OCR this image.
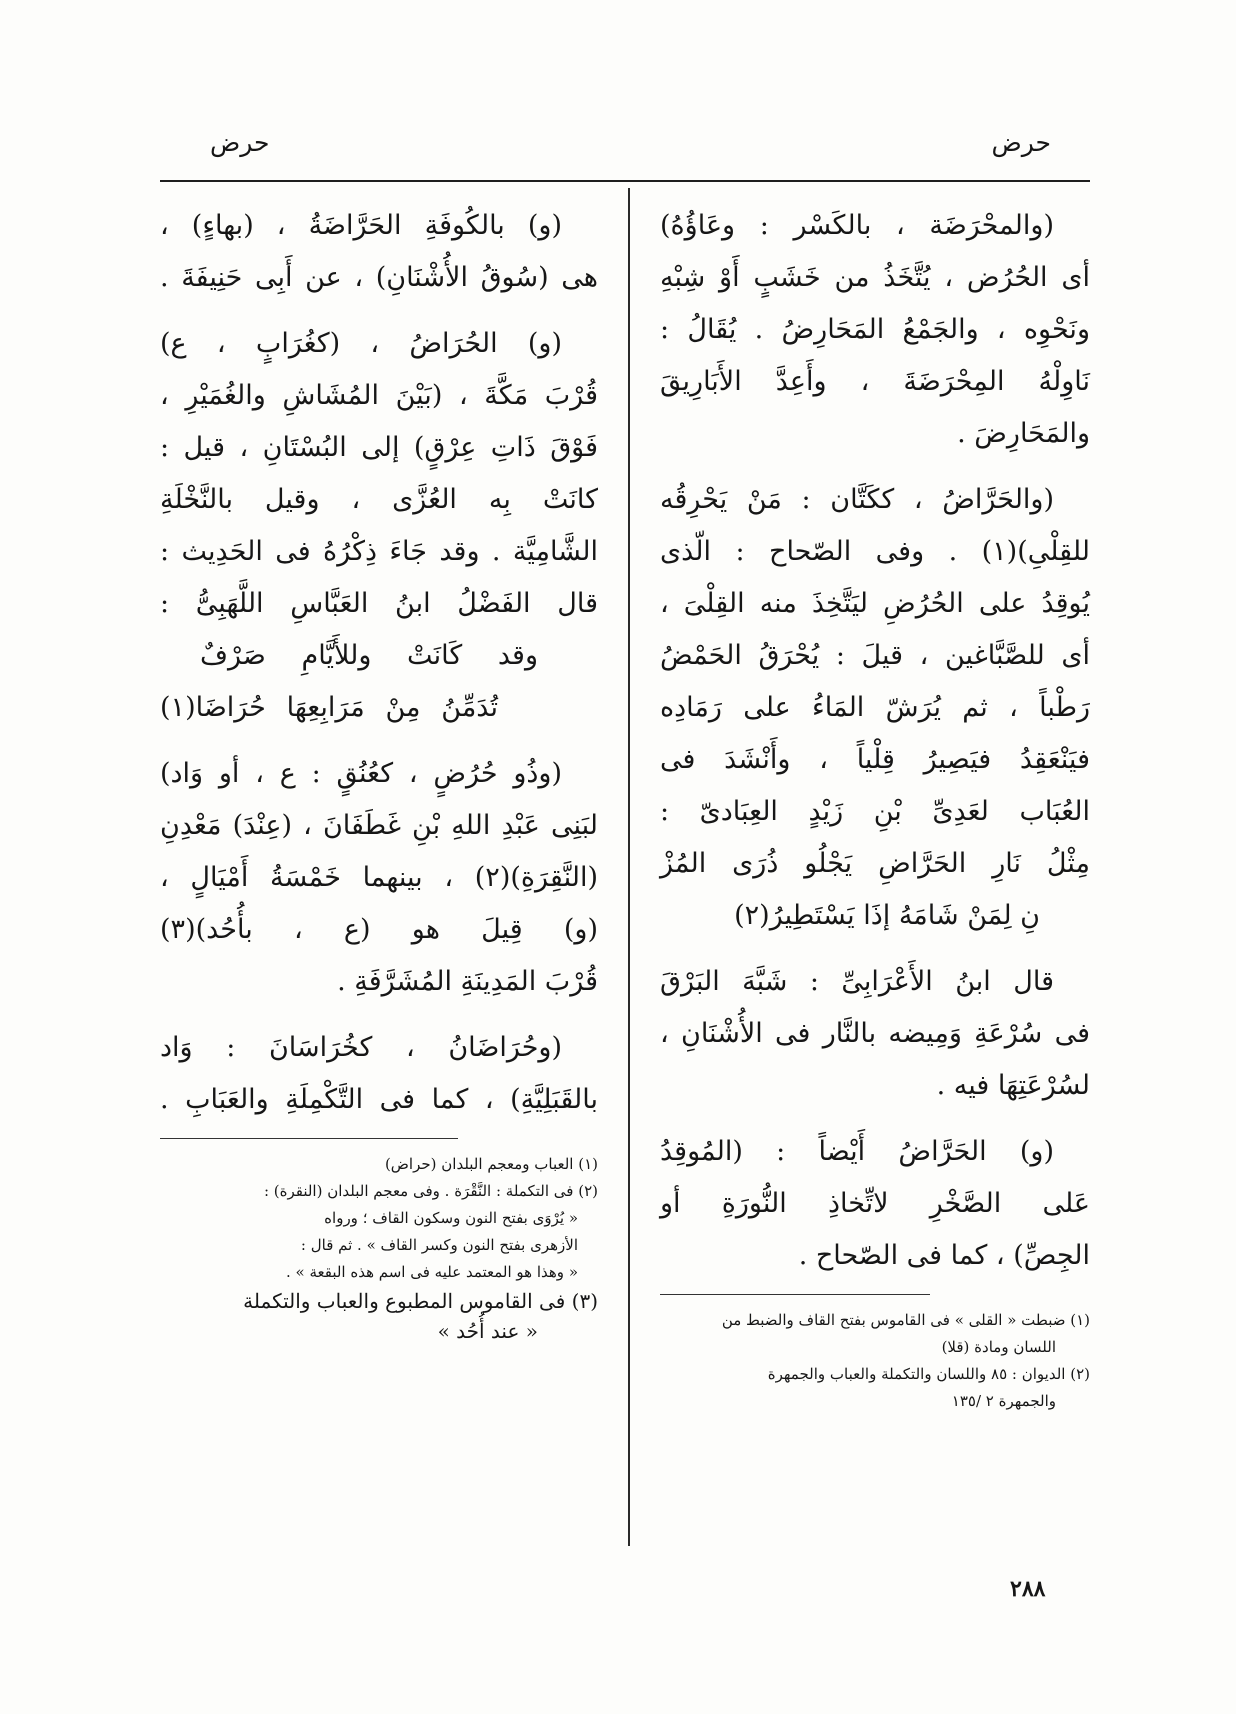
حرض
حرض
(والمحْرَضَة ، بالكَسْر : وعَاؤُهُ)
أى الحُرُض ، يُتَّخَذُ من خَشَبٍ أَوْ شِبْهِ
ونَحْوِه ، والجَمْعُ المَحَارِضُ . يُقَالُ :
نَاوِلْهُ المِحْرَضَةَ ، وأَعِدَّ الأَبَارِيقَ
والمَحَارِضَ .
(والحَرَّاضُ ، ككَتَّان : مَنْ يَحْرِقُه
للقِلْىِ)(١) . وفى الصّحاح : الّذى
يُوقِدُ على الحُرُضِ ليَتَّخِذَ منه القِلْىَ ،
أى للصَّبَّاغين ، قيلَ : يُحْرَقُ الحَمْضُ
رَطْباً ، ثم يُرَشّ المَاءُ على رَمَادِه
فيَنْعَقِدُ فيَصِيرُ قِلْياً ، وأَنْشَدَ فى
العُبَاب لعَدِىِّ بْنِ زَيْدٍ العِبَادىّ :
مِثْلُ نَارِ الحَرَّاضِ يَجْلُو ذُرَى المُزْ
نِ لِمَنْ شَامَهُ إذَا يَسْتَطِيرُ(٢)
قال ابنُ الأَعْرَابِىِّ : شَبَّهَ البَرْقَ
فى سُرْعَةِ وَمِيضه بالنَّار فى الأُشْنَانِ ،
لسُرْعَتِهَا فيه .
(و) الحَرَّاضُ أَيْضاً : (المُوقِدُ
عَلى الصَّخْرِ لاتِّخاذِ النُّورَةِ أو
الجِصِّ) ، كما فى الصّحاح .
(١) ضبطت « القلى » فى القاموس بفتح القاف والضبط من
اللسان ومادة (قلا)
(٢) الديوان : ٨٥ واللسان والتكملة والعباب والجمهرة
والجمهرة ٢ /١٣٥
(و) بالكُوفَةِ الحَرَّاضَةُ ، (بهاءٍ) ،
هى (سُوقُ الأُشْنَانِ) ، عن أَبِى حَنِيفَةَ .
(و) الحُرَاضُ ، (كغُرَابٍ ، ع)
قُرْبَ مَكَّةَ ، (بَيْنَ المُشَاشِ والغُمَيْرِ ،
فَوْقَ ذَاتِ عِرْقٍ) إلى البُسْتَانِ ، قيل :
كانَتْ بِه العُزَّى ، وقيل بالنَّخْلَةِ
الشَّامِيَّة . وقد جَاءَ ذِكْرُهُ فى الحَدِيث :
قال الفَضْلُ ابنُ العَبَّاسِ اللَّهَبِىُّ :
وقد كَانَتْ وللأَيَّامِ صَرْفٌ
تُدَمِّنُ مِنْ مَرَابِعِهَا حُرَاضَا(١)
(وذُو حُرُضٍ ، كعُنُقٍ : ع ، أو وَاد)
لبَنِى عَبْدِ اللهِ بْنِ غَطَفَانَ ، (عِنْدَ) مَعْدِنِ
(النَّقِرَةِ)(٢) ، بينهما خَمْسَةُ أَمْيَالٍ ،
(و) قِيلَ هو (ع ، بأُحُد)(٣)
قُرْبَ المَدِينَةِ المُشَرَّفَةِ .
(وحُرَاضَانُ ، كخُرَاسَانَ : وَاد
بالقَبَلِيَّةِ) ، كما فى التَّكْمِلَةِ والعَبَابِ .
(١) العباب ومعجم البلدان (حراض)
(٢) فى التكملة : النَّقْرَة . وفى معجم البلدان (النقرة) :
« يُرْوَى بفتح النون وسكون القاف ؛ ورواه
الأزهرى بفتح النون وكسر القاف » . ثم قال :
« وهذا هو المعتمد عليه فى اسم هذه البقعة » .
(٣) فى القاموس المطبوع والعباب والتكملة
« عند أُحُد »
٢٨٨
